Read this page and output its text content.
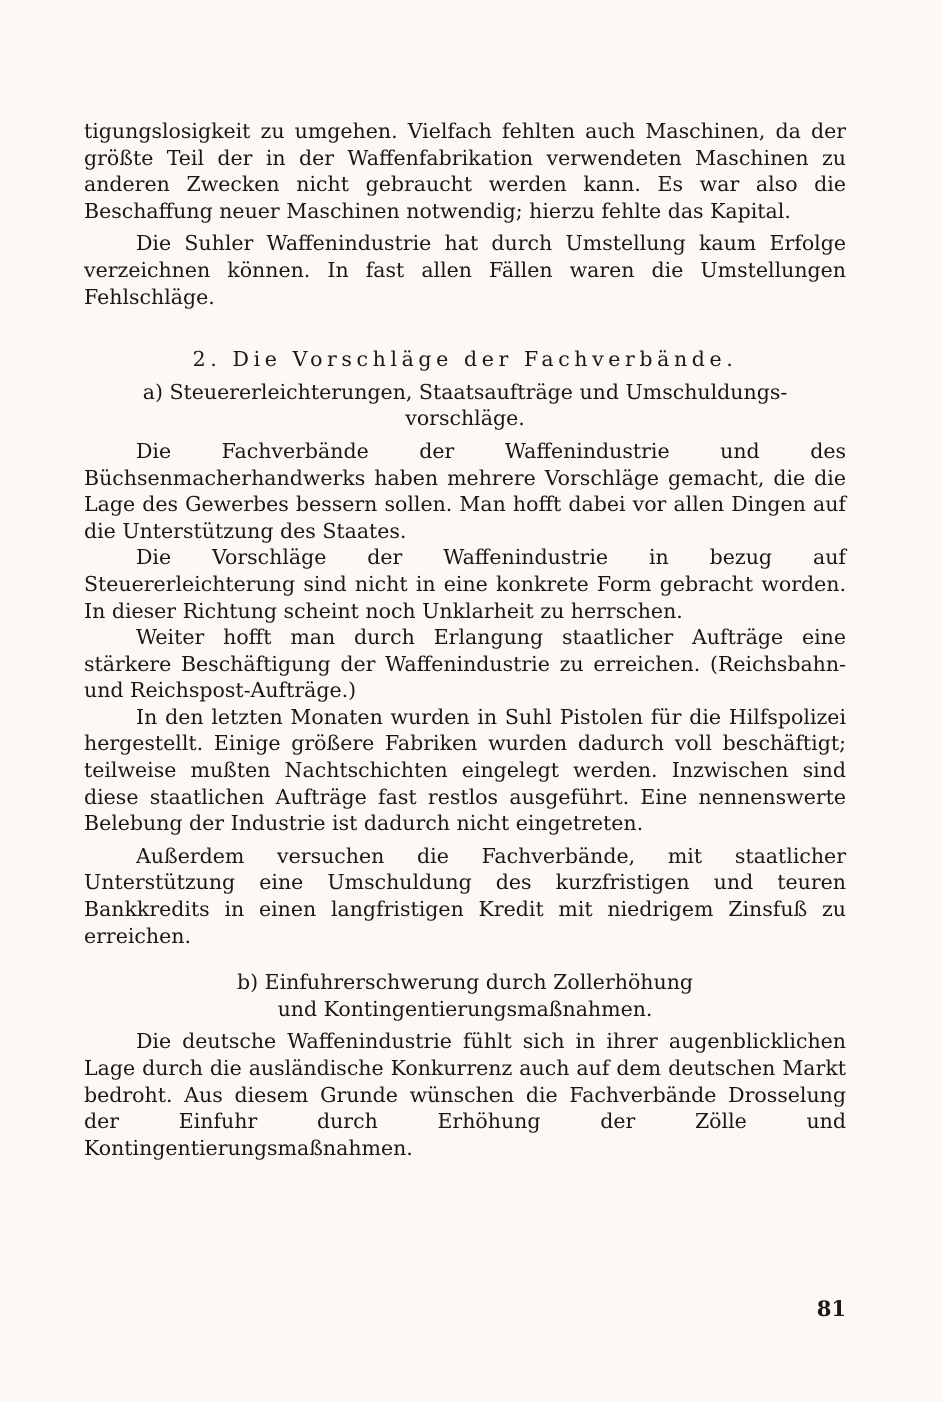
tigungslosigkeit zu umgehen. Vielfach fehlten auch Maschinen, da der größte Teil der in der Waffenfabrikation verwendeten Maschinen zu anderen Zwecken nicht gebraucht werden kann. Es war also die Beschaffung neuer Maschinen notwendig; hierzu fehlte das Kapital.

Die Suhler Waffenindustrie hat durch Umstellung kaum Erfolge verzeichnen können. In fast allen Fällen waren die Umstellungen Fehlschläge.

2. Die Vorschläge der Fachverbände.

a) Steuererleichterungen, Staatsaufträge und Umschuldungs-

vorschläge.

Die Fachverbände der Waffenindustrie und des Büchsenmacherhandwerks haben mehrere Vorschläge gemacht, die die Lage des Gewerbes bessern sollen. Man hofft dabei vor allen Dingen auf die Unterstützung des Staates.

Die Vorschläge der Waffenindustrie in bezug auf Steuererleichterung sind nicht in eine konkrete Form gebracht worden. In dieser Richtung scheint noch Unklarheit zu herrschen.

Weiter hofft man durch Erlangung staatlicher Aufträge eine stärkere Beschäftigung der Waffenindustrie zu erreichen. (Reichsbahn- und Reichspost-Aufträge.)

In den letzten Monaten wurden in Suhl Pistolen für die Hilfspolizei hergestellt. Einige größere Fabriken wurden dadurch voll beschäftigt; teilweise mußten Nachtschichten eingelegt werden. Inzwischen sind diese staatlichen Aufträge fast restlos ausgeführt. Eine nennenswerte Belebung der Industrie ist dadurch nicht eingetreten.

Außerdem versuchen die Fachverbände, mit staatlicher Unterstützung eine Umschuldung des kurzfristigen und teuren Bankkredits in einen langfristigen Kredit mit niedrigem Zinsfuß zu erreichen.

b) Einfuhrerschwerung durch Zollerhöhung

und Kontingentierungsmaßnahmen.

Die deutsche Waffenindustrie fühlt sich in ihrer augenblicklichen Lage durch die ausländische Konkurrenz auch auf dem deutschen Markt bedroht. Aus diesem Grunde wünschen die Fachverbände Drosselung der Einfuhr durch Erhöhung der Zölle und Kontingentierungsmaßnahmen.

81
